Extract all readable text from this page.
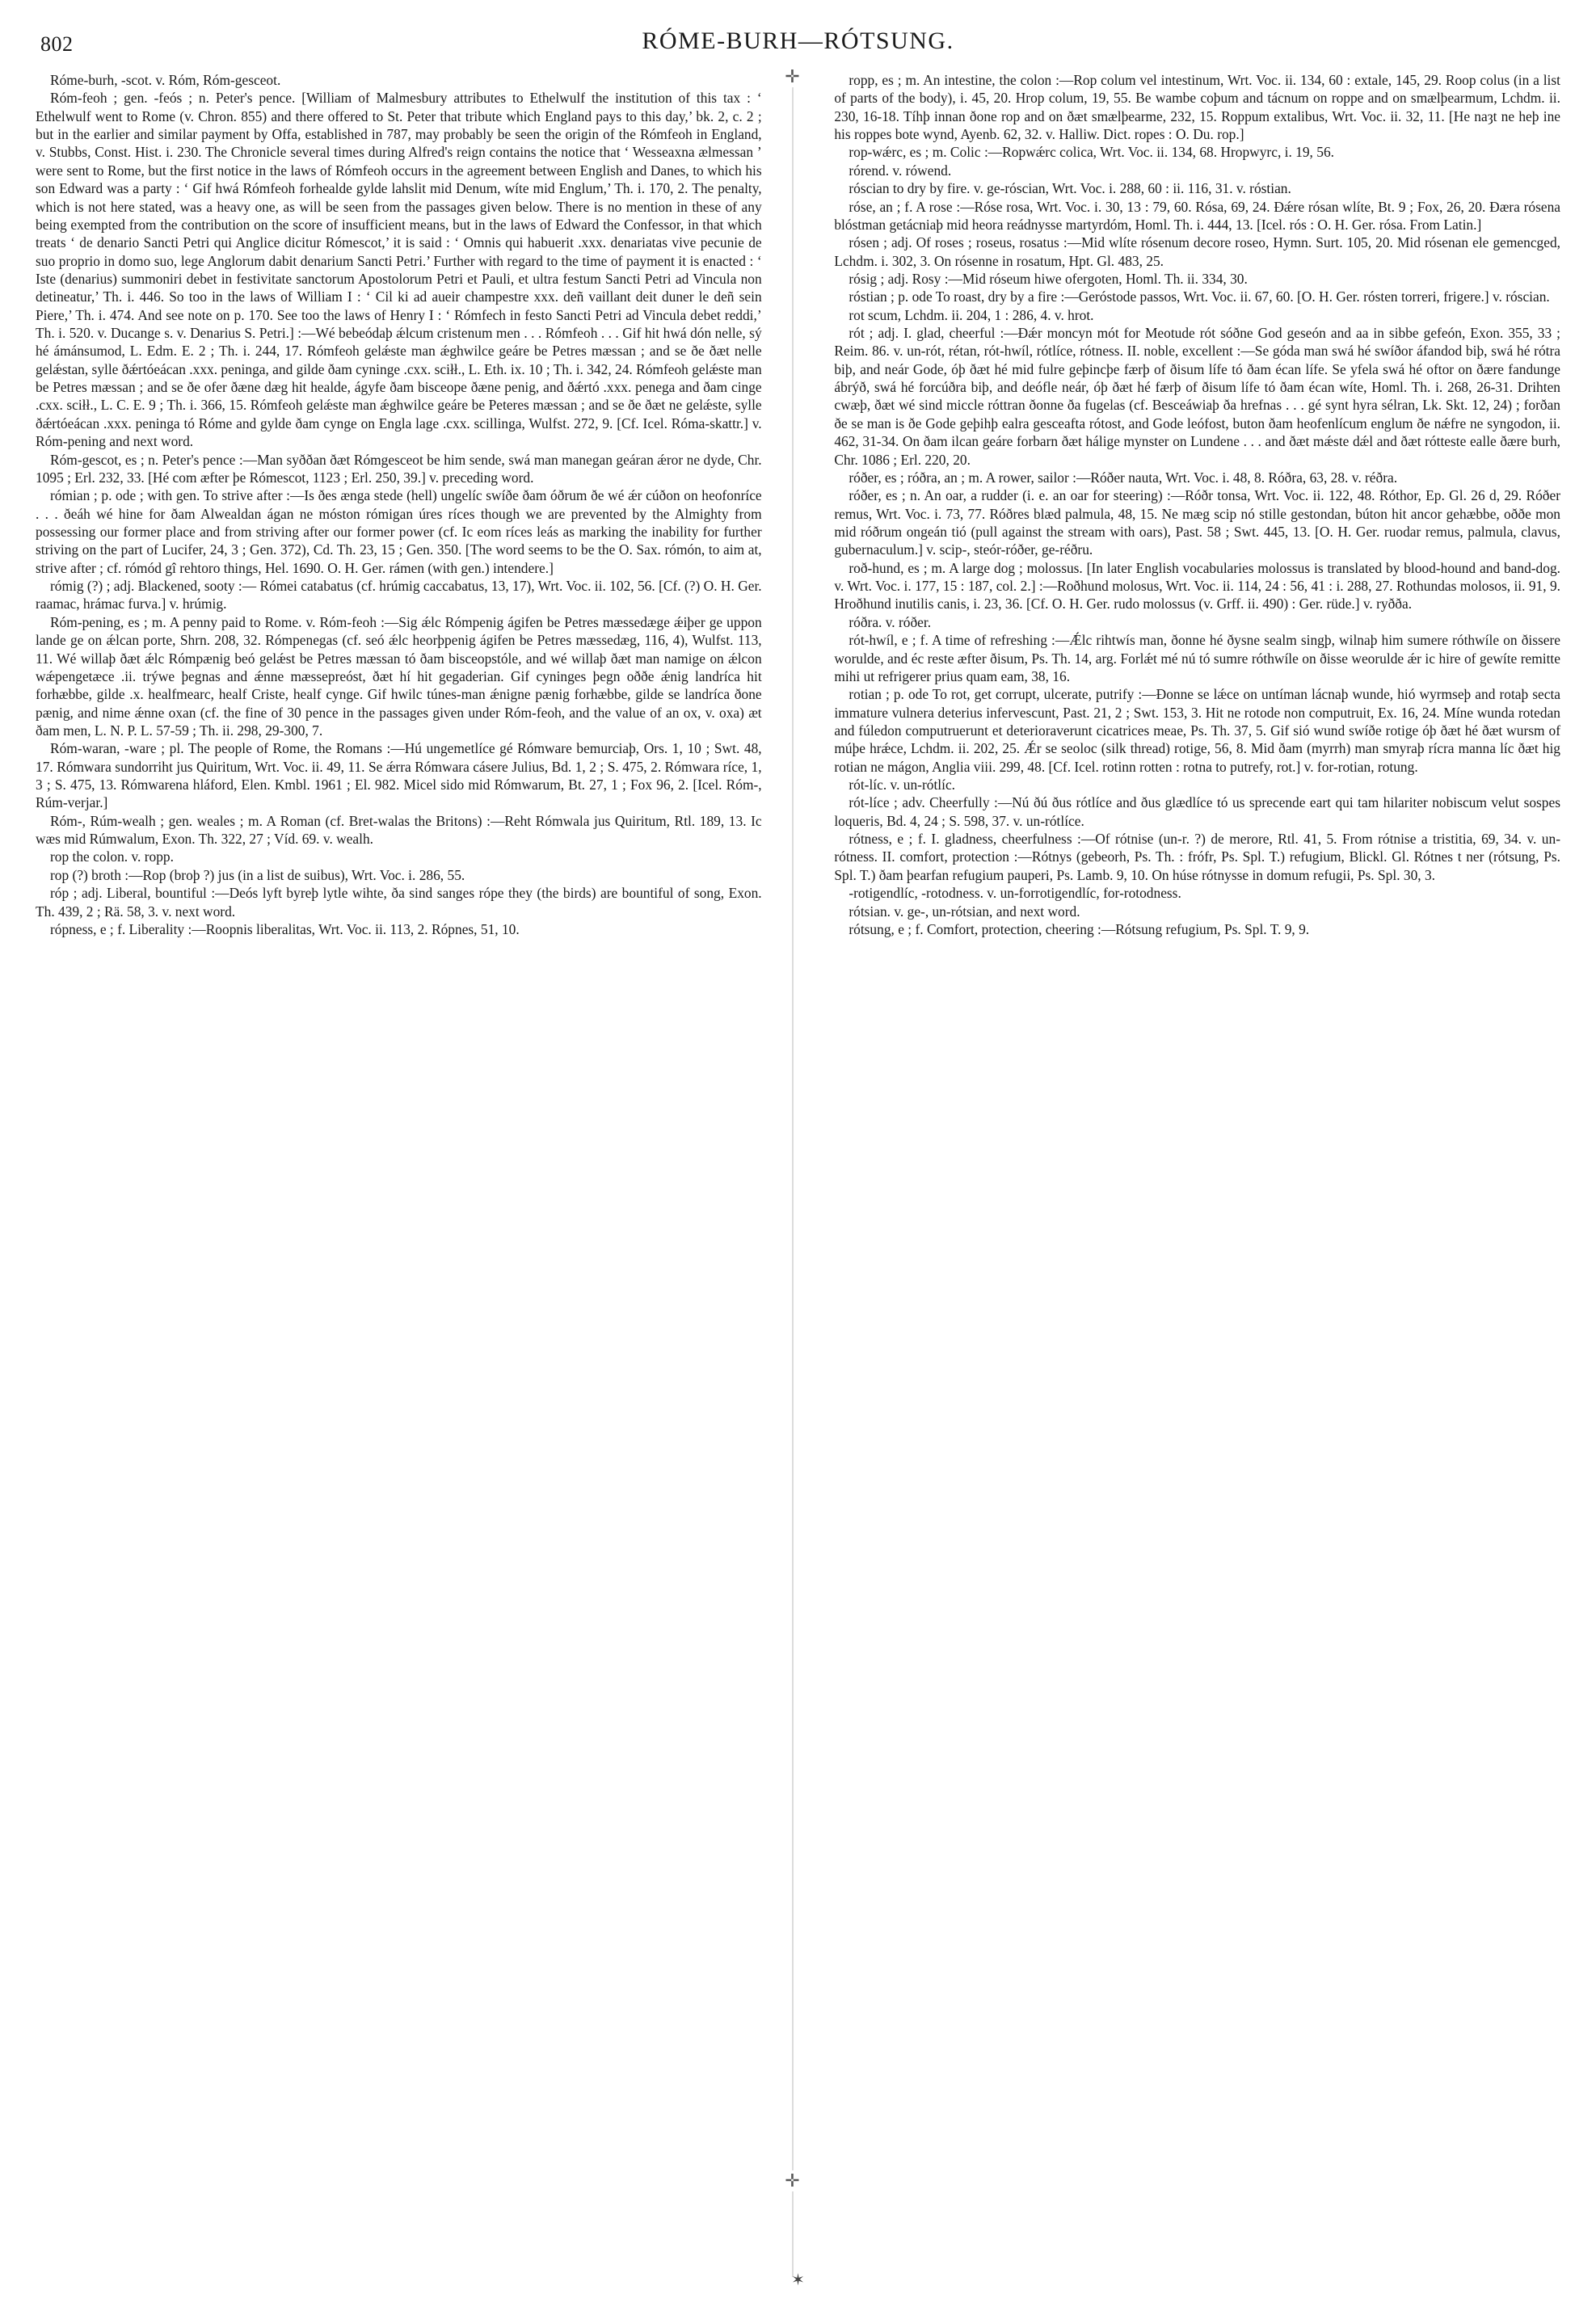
802	RÓME-BURH—RÓTSUNG.

Róme-burh, -scot. v. Róm, Róm-gesceot.

Róm-feoh ; gen. -feós ; n. Peter's pence. [William of Malmesbury attributes to Ethelwulf the institution of this tax : ‘ Ethelwulf went to Rome (v. Chron. 855) and there offered to St. Peter that tribute which England pays to this day,’ bk. 2, c. 2 ; but in the earlier and similar payment by Offa, established in 787, may probably be seen the origin of the Rómfeoh in England, v. Stubbs, Const. Hist. i. 230. The Chronicle several times during Alfred's reign contains the notice that ‘ Wesseaxna ælmessan ’ were sent to Rome, but the first notice in the laws of Rómfeoh occurs in the agreement between English and Danes, to which his son Edward was a party : ‘ Gif hwá Rómfeoh forhealde gylde lahslit mid Denum, wíte mid Englum,’ Th. i. 170, 2. The penalty, which is not here stated, was a heavy one, as will be seen from the passages given below. There is no mention in these of any being exempted from the contribution on the score of insufficient means, but in the laws of Edward the Confessor, in that which treats ‘ de denario Sancti Petri qui Anglice dicitur Rómescot,’ it is said : ‘ Omnis qui habuerit .xxx. denariatas vive pecunie de suo proprio in domo suo, lege Anglorum dabit denarium Sancti Petri.’ Further with regard to the time of payment it is enacted : ‘ Iste (denarius) summoniri debet in festivitate sanctorum Apostolorum Petri et Pauli, et ultra festum Sancti Petri ad Vincula non detineatur,’ Th. i. 446. So too in the laws of William I : ‘ Cil ki ad aueir champestre xxx. deñ vaillant deit duner le deñ sein Piere,’ Th. i. 474. And see note on p. 170. See too the laws of Henry I : ‘ Rómfech in festo Sancti Petri ad Vincula debet reddi,’ Th. i. 520. v. Ducange s. v. Denarius S. Petri.] :—Wé bebeódaþ ǽlcum cristenum men . . . Rómfeoh . . . Gif hit hwá dón nelle, sý hé ámánsumod, L. Edm. E. 2 ; Th. i. 244, 17. Rómfeoh gelǽste man ǽghwilce geáre be Petres mæssan ; and se ðe ðæt nelle gelǽstan, sylle ðǽrtóeácan .xxx. peninga, and gilde ðam cyninge .cxx. sciłł., L. Eth. ix. 10 ; Th. i. 342, 24. Rómfeoh gelǽste man be Petres mæssan ; and se ðe ofer ðæne dæg hit healde, ágyfe ðam bisceope ðæne penig, and ðǽrtó .xxx. penega and ðam cinge .cxx. sciłł., L. C. E. 9 ; Th. i. 366, 15. Rómfeoh gelǽste man ǽghwilce geáre be Peteres mæssan ; and se ðe ðæt ne gelǽste, sylle ðǽrtóeácan .xxx. peninga tó Róme and gylde ðam cynge on Engla lage .cxx. scillinga, Wulfst. 272, 9. [Cf. Icel. Róma-skattr.] v. Róm-pening and next word.

Róm-gescot, es ; n. Peter's pence :—Man syððan ðæt Rómgesceot be him sende, swá man manegan geáran ǽror ne dyde, Chr. 1095 ; Erl. 232, 33. [Hé com æfter þe Rómescot, 1123 ; Erl. 250, 39.] v. preceding word.

rómian ; p. ode ; with gen. To strive after :—Is ðes ænga stede (hell) ungelíc swíðe ðam óðrum ðe wé ǽr cúðon on heofonríce . . . ðeáh wé hine for ðam Alwealdan ágan ne móston rómigan úres ríces though we are prevented by the Almighty from possessing our former place and from striving after our former power (cf. Ic eom ríces leás as marking the inability for further striving on the part of Lucifer, 24, 3 ; Gen. 372), Cd. Th. 23, 15 ; Gen. 350. [The word seems to be the O. Sax. rómón, to aim at, strive after ; cf. rómód gî rehtoro things, Hel. 1690. O. H. Ger. rámen (with gen.) intendere.]

rómig (?) ; adj. Blackened, sooty :— Rómei catabatus (cf. hrúmig caccabatus, 13, 17), Wrt. Voc. ii. 102, 56. [Cf. (?) O. H. Ger. raamac, hrámac furva.] v. hrúmig.

Róm-pening, es ; m. A penny paid to Rome. v. Róm-feoh :—Sig ǽlc Rómpenig ágifen be Petres mæssedæge ǽiþer ge uppon lande ge on ǽlcan porte, Shrn. 208, 32. Rómpenegas (cf. seó ǽlc heorþpenig ágifen be Petres mæssedæg, 116, 4), Wulfst. 113, 11. Wé willaþ ðæt ǽlc Rómpænig beó gelǽst be Petres mæssan tó ðam bisceopstóle, and wé willaþ ðæt man namige on ǽlcon wǽpengetæce .ii. trýwe þegnas and ǽnne mæssepreóst, ðæt hí hit gegaderian. Gif cyninges þegn oððe ǽnig landríca hit forhæbbe, gilde .x. healfmearc, healf Criste, healf cynge. Gif hwilc túnes-man ǽnigne pænig forhæbbe, gilde se landríca ðone pænig, and nime ǽnne oxan (cf. the fine of 30 pence in the passages given under Róm-feoh, and the value of an ox, v. oxa) æt ðam men, L. N. P. L. 57-59 ; Th. ii. 298, 29-300, 7.

Róm-waran, -ware ; pl. The people of Rome, the Romans :—Hú ungemetlíce gé Rómware bemurciaþ, Ors. 1, 10 ; Swt. 48, 17. Rómwara sundorriht jus Quiritum, Wrt. Voc. ii. 49, 11. Se ǽrra Rómwara cásere Julius, Bd. 1, 2 ; S. 475, 2. Rómwara ríce, 1, 3 ; S. 475, 13. Rómwarena hláford, Elen. Kmbl. 1961 ; El. 982. Micel sido mid Rómwarum, Bt. 27, 1 ; Fox 96, 2. [Icel. Róm-, Rúm-verjar.]

Róm-, Rúm-wealh ; gen. weales ; m. A Roman (cf. Bret-walas the Britons) :—Reht Rómwala jus Quiritum, Rtl. 189, 13. Ic wæs mid Rúmwalum, Exon. Th. 322, 27 ; Víd. 69. v. wealh.

rop the colon. v. ropp.

rop (?) broth :—Rop (broþ ?) jus (in a list de suibus), Wrt. Voc. i. 286, 55.

róp ; adj. Liberal, bountiful :—Deós lyft byreþ lytle wihte, ða sind sanges rópe they (the birds) are bountiful of song, Exon. Th. 439, 2 ; Rä. 58, 3. v. next word.

rópness, e ; f. Liberality :—Roopnis liberalitas, Wrt. Voc. ii. 113, 2. Rópnes, 51, 10.

✛
✛

ropp, es ; m. An intestine, the colon :—Rop colum vel intestinum, Wrt. Voc. ii. 134, 60 : extale, 145, 29. Roop colus (in a list of parts of the body), i. 45, 20. Hrop colum, 19, 55. Be wambe coþum and tácnum on roppe and on smælþearmum, Lchdm. ii. 230, 16-18. Tíhþ innan ðone rop and on ðæt smælþearme, 232, 15. Roppum extalibus, Wrt. Voc. ii. 32, 11. [He naȝt ne heþ ine his roppes bote wynd, Ayenb. 62, 32. v. Halliw. Dict. ropes : O. Du. rop.]

rop-wǽrc, es ; m. Colic :—Ropwǽrc colica, Wrt. Voc. ii. 134, 68. Hropwyrc, i. 19, 56.

rórend. v. rówend.

róscian to dry by fire. v. ge-róscian, Wrt. Voc. i. 288, 60 : ii. 116, 31. v. róstian.

róse, an ; f. A rose :—Róse rosa, Wrt. Voc. i. 30, 13 : 79, 60. Rósa, 69, 24. Ðǽre rósan wlíte, Bt. 9 ; Fox, 26, 20. Ðæra rósena blóstman getácniaþ mid heora reádnysse martyrdóm, Homl. Th. i. 444, 13. [Icel. rós : O. H. Ger. rósa. From Latin.]

rósen ; adj. Of roses ; roseus, rosatus :—Mid wlíte rósenum decore roseo, Hymn. Surt. 105, 20. Mid rósenan ele gemencged, Lchdm. i. 302, 3. On rósenne in rosatum, Hpt. Gl. 483, 25.

rósig ; adj. Rosy :—Mid róseum hiwe ofergoten, Homl. Th. ii. 334, 30.

róstian ; p. ode To roast, dry by a fire :—Geróstode passos, Wrt. Voc. ii. 67, 60. [O. H. Ger. rósten torreri, frigere.] v. róscian.

rot scum, Lchdm. ii. 204, 1 : 286, 4. v. hrot.

rót ; adj. I. glad, cheerful :—Ðǽr moncyn mót for Meotude rót sóðne God geseón and aa in sibbe gefeón, Exon. 355, 33 ; Reim. 86. v. un-rót, rétan, rót-hwíl, rótlíce, rótness. II. noble, excellent :—Se góda man swá hé swíðor áfandod biþ, swá hé rótra biþ, and neár Gode, óþ ðæt hé mid fulre geþincþe færþ of ðisum lífe tó ðam écan lífe. Se yfela swá hé oftor on ðære fandunge ábrýð, swá hé forcúðra biþ, and deófle neár, óþ ðæt hé færþ of ðisum lífe tó ðam écan wíte, Homl. Th. i. 268, 26-31. Drihten cwæþ, ðæt wé sind miccle róttran ðonne ða fugelas (cf. Besceáwiaþ ða hrefnas . . . gé synt hyra sélran, Lk. Skt. 12, 24) ; forðan ðe se man is ðe Gode geþihþ ealra gesceafta rótost, and Gode leófost, buton ðam heofenlícum englum ðe nǽfre ne syngodon, ii. 462, 31-34. On ðam ilcan geáre forbarn ðæt hálige mynster on Lundene . . . and ðæt mǽste dǽl and ðæt rótteste ealle ðære burh, Chr. 1086 ; Erl. 220, 20.

róðer, es ; róðra, an ; m. A rower, sailor :—Róðer nauta, Wrt. Voc. i. 48, 8. Róðra, 63, 28. v. réðra.

róðer, es ; n. An oar, a rudder (i. e. an oar for steering) :—Róðr tonsa, Wrt. Voc. ii. 122, 48. Róthor, Ep. Gl. 26 d, 29. Róðer remus, Wrt. Voc. i. 73, 77. Róðres blæd palmula, 48, 15. Ne mæg scip nó stille gestondan, búton hit ancor gehæbbe, oððe mon mid róðrum ongeán tió (pull against the stream with oars), Past. 58 ; Swt. 445, 13. [O. H. Ger. ruodar remus, palmula, clavus, gubernaculum.] v. scip-, steór-róðer, ge-réðru.

roð-hund, es ; m. A large dog ; molossus. [In later English vocabularies molossus is translated by blood-hound and band-dog. v. Wrt. Voc. i. 177, 15 : 187, col. 2.] :—Roðhund molosus, Wrt. Voc. ii. 114, 24 : 56, 41 : i. 288, 27. Rothundas molosos, ii. 91, 9. Hroðhund inutilis canis, i. 23, 36. [Cf. O. H. Ger. rudo molossus (v. Grff. ii. 490) : Ger. rüde.] v. ryðða.

róðra. v. róðer.

rót-hwíl, e ; f. A time of refreshing :—Ǽlc rihtwís man, ðonne hé ðysne sealm singþ, wilnaþ him sumere róthwíle on ðissere worulde, and éc reste æfter ðisum, Ps. Th. 14, arg. Forlǽt mé nú tó sumre róthwíle on ðisse weorulde ǽr ic hire of gewíte remitte mihi ut refrigerer prius quam eam, 38, 16.

rotian ; p. ode To rot, get corrupt, ulcerate, putrify :—Ðonne se lǽce on untíman lácnaþ wunde, hió wyrmseþ and rotaþ secta immature vulnera deterius infervescunt, Past. 21, 2 ; Swt. 153, 3. Hit ne rotode non computruit, Ex. 16, 24. Míne wunda rotedan and fúledon computruerunt et deterioraverunt cicatrices meae, Ps. Th. 37, 5. Gif sió wund swíðe rotige óþ ðæt hé ðæt wursm of múþe hrǽce, Lchdm. ii. 202, 25. Ǽr se seoloc (silk thread) rotige, 56, 8. Mid ðam (myrrh) man smyraþ rícra manna líc ðæt hig rotian ne mágon, Anglia viii. 299, 48. [Cf. Icel. rotinn rotten : rotna to putrefy, rot.] v. for-rotian, rotung.

rót-líc. v. un-rótlíc.

rót-líce ; adv. Cheerfully :—Nú ðú ðus rótlíce and ðus glædlíce tó us sprecende eart qui tam hilariter nobiscum velut sospes loqueris, Bd. 4, 24 ; S. 598, 37. v. un-rótlíce.

rótness, e ; f. I. gladness, cheerfulness :—Of rótnise (un-r. ?) de merore, Rtl. 41, 5. From rótnise a tristitia, 69, 34. v. un-rótness. II. comfort, protection :—Rótnys (gebeorh, Ps. Th. : frófr, Ps. Spl. T.) refugium, Blickl. Gl. Rótnes t ner (rótsung, Ps. Spl. T.) ðam þearfan refugium pauperi, Ps. Lamb. 9, 10. On húse rótnysse in domum refugii, Ps. Spl. 30, 3.

-rotigendlíc, -rotodness. v. un-forrotigendlíc, for-rotodness.

rótsian. v. ge-, un-rótsian, and next word.

rótsung, e ; f. Comfort, protection, cheering :—Rótsung refugium, Ps. Spl. T. 9, 9.

✶
